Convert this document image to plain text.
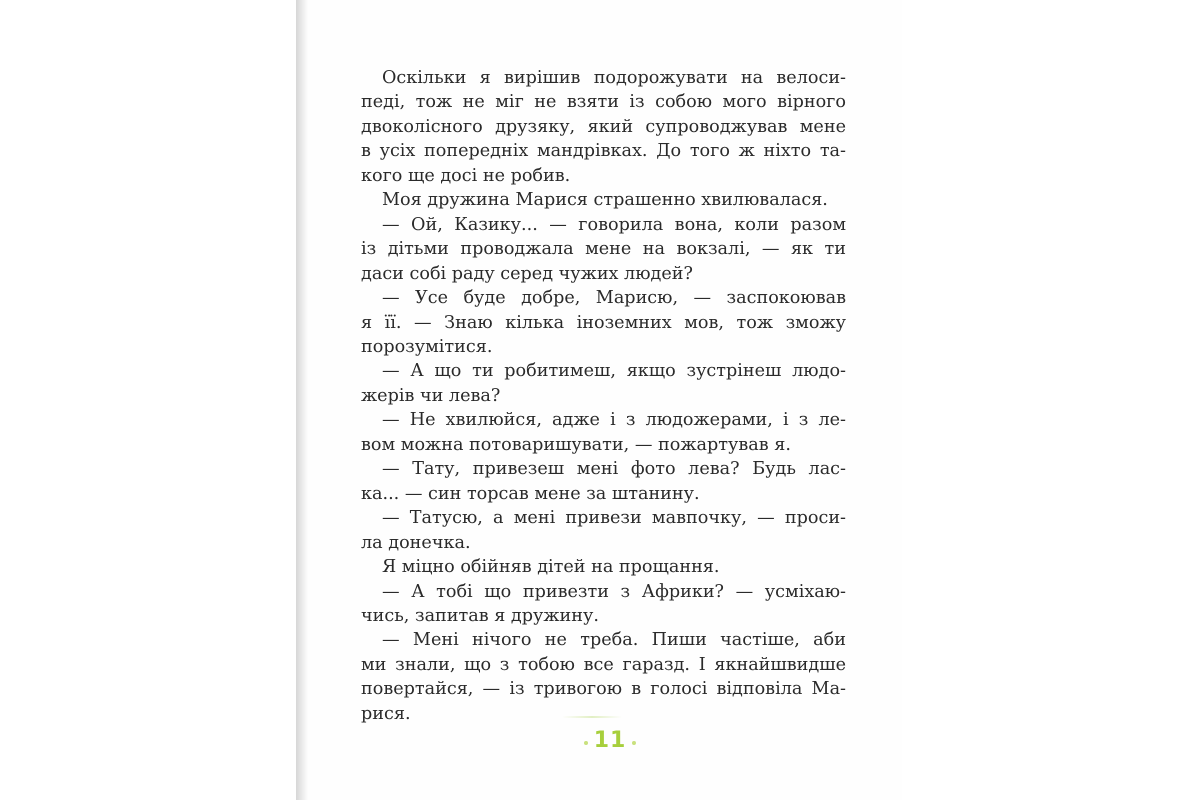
Оскільки я вирішив подорожувати на велоси-
педі, тож не міг не взяти із собою мого вірного
двоколісного друзяку, який супроводжував мене
в усіх попередніх мандрівках. До того ж ніхто та-
кого ще досі не робив.
Моя дружина Марися страшенно хвилювалася.
— Ой, Казику... — говорила вона, коли разом
із дітьми проводжала мене на вокзалі, — як ти
даси собі раду серед чужих людей?
— Усе буде добре, Марисю, — заспокоював
я її. — Знаю кілька іноземних мов, тож зможу
порозумітися.
— А що ти робитимеш, якщо зустрінеш людо-
жерів чи лева?
— Не хвилюйся, адже і з людожерами, і з ле-
вом можна потоваришувати, — пожартував я.
— Тату, привезеш мені фото лева? Будь лас-
ка... — син торсав мене за штанину.
— Татусю, а мені привези мавпочку, — проси-
ла донечка.
Я міцно обійняв дітей на прощання.
— А тобі що привезти з Африки? — усміхаю-
чись, запитав я дружину.
— Мені нічого не треба. Пиши частіше, аби
ми знали, що з тобою все гаразд. І якнайшвидше
повертайся, — із тривогою в голосі відповіла Ма-
рися.
11
